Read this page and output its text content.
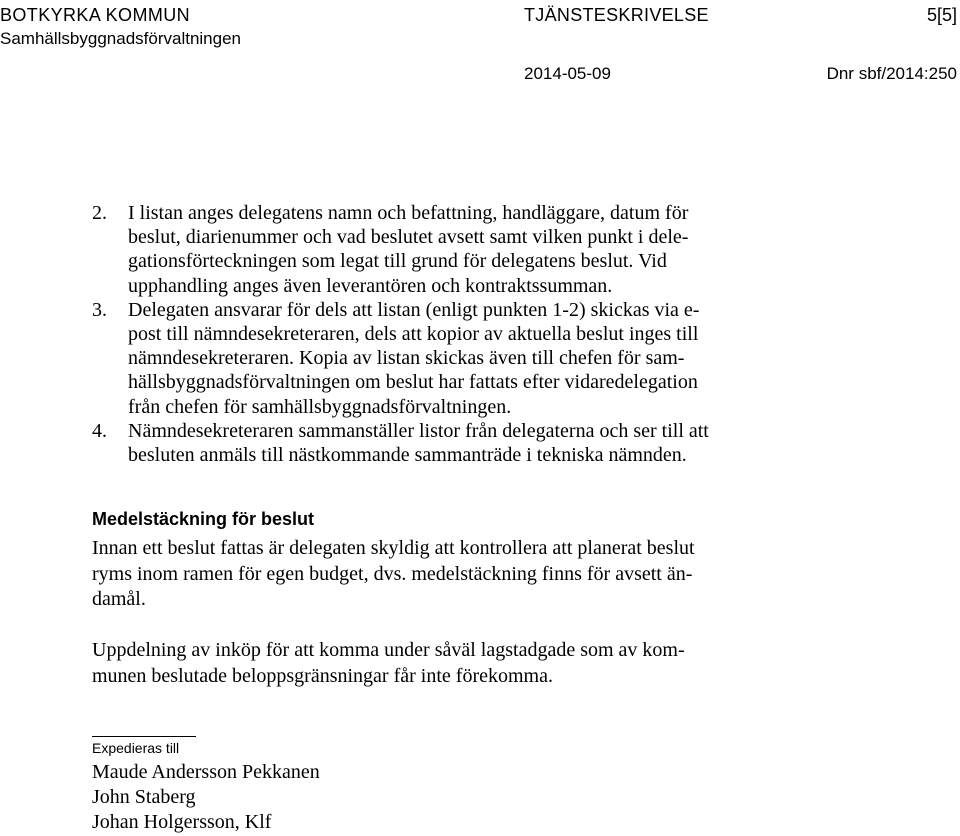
BOTKYRKA KOMMUN	TJÄNSTESKRIVELSE	5[5]
Samhällsbyggnadsförvaltningen
2014-05-09	Dnr sbf/2014:250
2. I listan anges delegatens namn och befattning, handläggare, datum för
beslut, diarienummer och vad beslutet avsett samt vilken punkt i dele-
gationsförteckningen som legat till grund för delegatens beslut. Vid
upphandling anges även leverantören och kontraktssumman.
3. Delegaten ansvarar för dels att listan (enligt punkten 1-2) skickas via e-
post till nämndesekreteraren, dels att kopior av aktuella beslut inges till
nämndesekreteraren. Kopia av listan skickas även till chefen för sam-
hällsbyggnadsförvaltningen om beslut har fattats efter vidaredelegation
från chefen för samhällsbyggnadsförvaltningen.
4. Nämndesekreteraren sammanställer listor från delegaterna och ser till att
besluten anmäls till nästkommande sammanträde i tekniska nämnden.
Medelstäckning för beslut
Innan ett beslut fattas är delegaten skyldig att kontrollera att planerat beslut
ryms inom ramen för egen budget, dvs. medelstäckning finns för avsett än-
damål.
Uppdelning av inköp för att komma under såväl lagstadgade som av kom-
munen beslutade beloppsgränsningar får inte förekomma.
Expedieras till
Maude Andersson Pekkanen
John Staberg
Johan Holgersson, Klf
